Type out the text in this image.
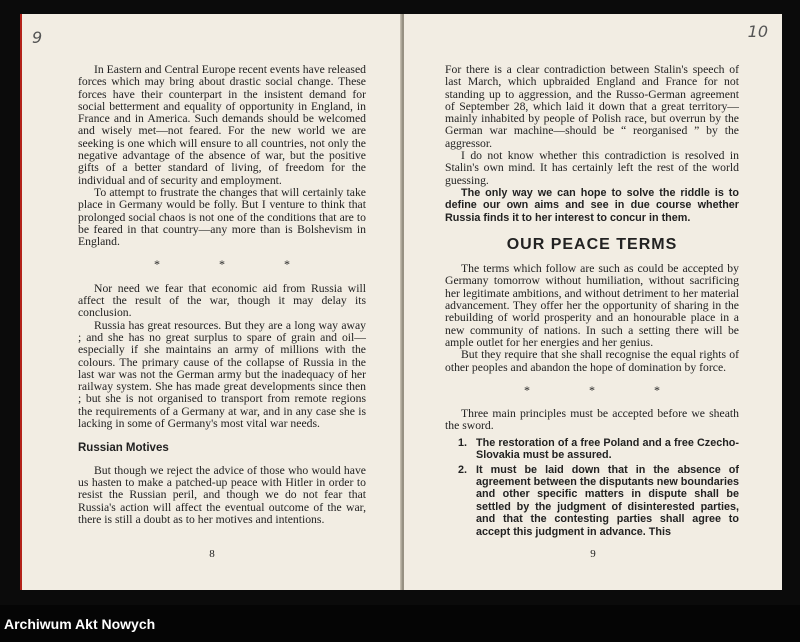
9

In Eastern and Central Europe recent events have released forces which may bring about drastic social change. These forces have their counterpart in the insistent demand for social betterment and equality of opportunity in England, in France and in America. Such demands should be welcomed and wisely met—not feared. For the new world we are seeking is one which will ensure to all countries, not only the negative advantage of the absence of war, but the positive gifts of a better standard of living, of freedom for the individual and of security and employment.

To attempt to frustrate the changes that will certainly take place in Germany would be folly. But I venture to think that prolonged social chaos is not one of the conditions that are to be feared in that country—any more than is Bolshevism in England.

* * *

Nor need we fear that economic aid from Russia will affect the result of the war, though it may delay its conclusion.

Russia has great resources. But they are a long way away ; and she has no great surplus to spare of grain and oil—especially if she maintains an army of millions with the colours. The primary cause of the collapse of Russia in the last war was not the German army but the inadequacy of her railway system. She has made great developments since then ; but she is not organised to transport from remote regions the requirements of a Germany at war, and in any case she is lacking in some of Germany's most vital war needs.

Russian Motives

But though we reject the advice of those who would have us hasten to make a patched-up peace with Hitler in order to resist the Russian peril, and though we do not fear that Russia's action will affect the eventual outcome of the war, there is still a doubt as to her motives and intentions.

8
10

For there is a clear contradiction between Stalin's speech of last March, which upbraided England and France for not standing up to aggression, and the Russo-German agreement of September 28, which laid it down that a great territory—mainly inhabited by people of Polish race, but overrun by the German war machine—should be “ reorganised ” by the aggressor.

I do not know whether this contradiction is resolved in Stalin's own mind. It has certainly left the rest of the world guessing.

The only way we can hope to solve the riddle is to define our own aims and see in due course whether Russia finds it to her interest to concur in them.

OUR PEACE TERMS

The terms which follow are such as could be accepted by Germany tomorrow without humiliation, without sacrificing her legitimate ambitions, and without detriment to her material advancement. They offer her the opportunity of sharing in the rebuilding of world prosperity and an honourable place in a new community of nations. In such a setting there will be ample outlet for her energies and her genius.

But they require that she shall recognise the equal rights of other peoples and abandon the hope of domination by force.

* * *

Three main principles must be accepted before we sheath the sword.

1. The restoration of a free Poland and a free Czecho-Slovakia must be assured.
2. It must be laid down that in the absence of agreement between the disputants new boundaries and other specific matters in dispute shall be settled by the judgment of disinterested parties, and that the contesting parties shall agree to accept this judgment in advance. This
9
Archiwum Akt Nowych
